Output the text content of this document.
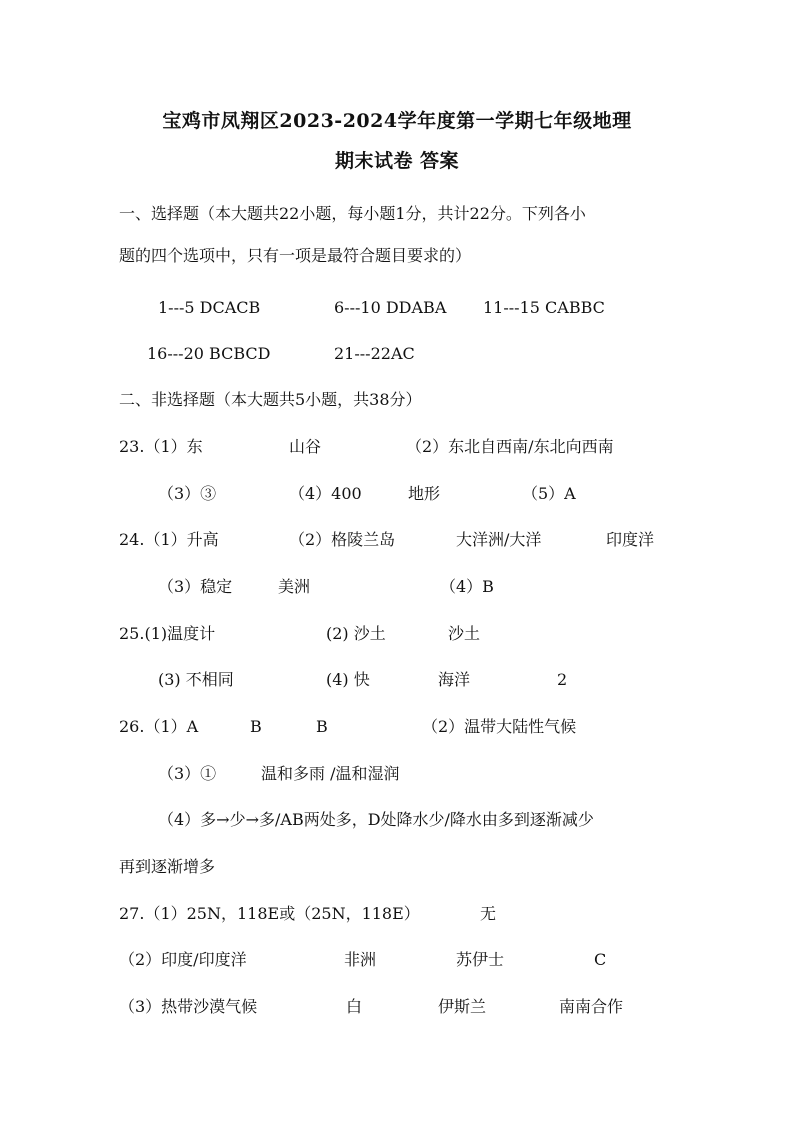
宝鸡市凤翔区2023-2024学年度第一学期七年级地理
期末试卷 答案
一、选择题（本大题共22小题，每小题1分，共计22分。下列各小
题的四个选项中，只有一项是最符合题目要求的）
1---5 DCACB	6---10 DDABA 11---15 CABBC
16---20 BCBCD	21---22AC
二、非选择题（本大题共5小题，共38分）
23.（1）东	山谷	（2）东北自西南/东北向西南
（3）③	（4）400	地形	（5）A
24.（1）升高	（2）格陵兰岛	大洋洲/大洋	印度洋
（3）稳定	美洲	（4）B
25.(1)温度计	(2) 沙土	沙土
(3) 不相同	(4) 快	海洋	2
26.（1）A	B	B	（2）温带大陆性气候
（3）①	温和多雨 /温和湿润
（4）多→少→多/AB两处多，D处降水少/降水由多到逐渐减少
再到逐渐增多
27.（1）25N，118E或（25N，118E）	无
（2）印度/印度洋	非洲	苏伊士	C
（3）热带沙漠气候	白	伊斯兰	南南合作
